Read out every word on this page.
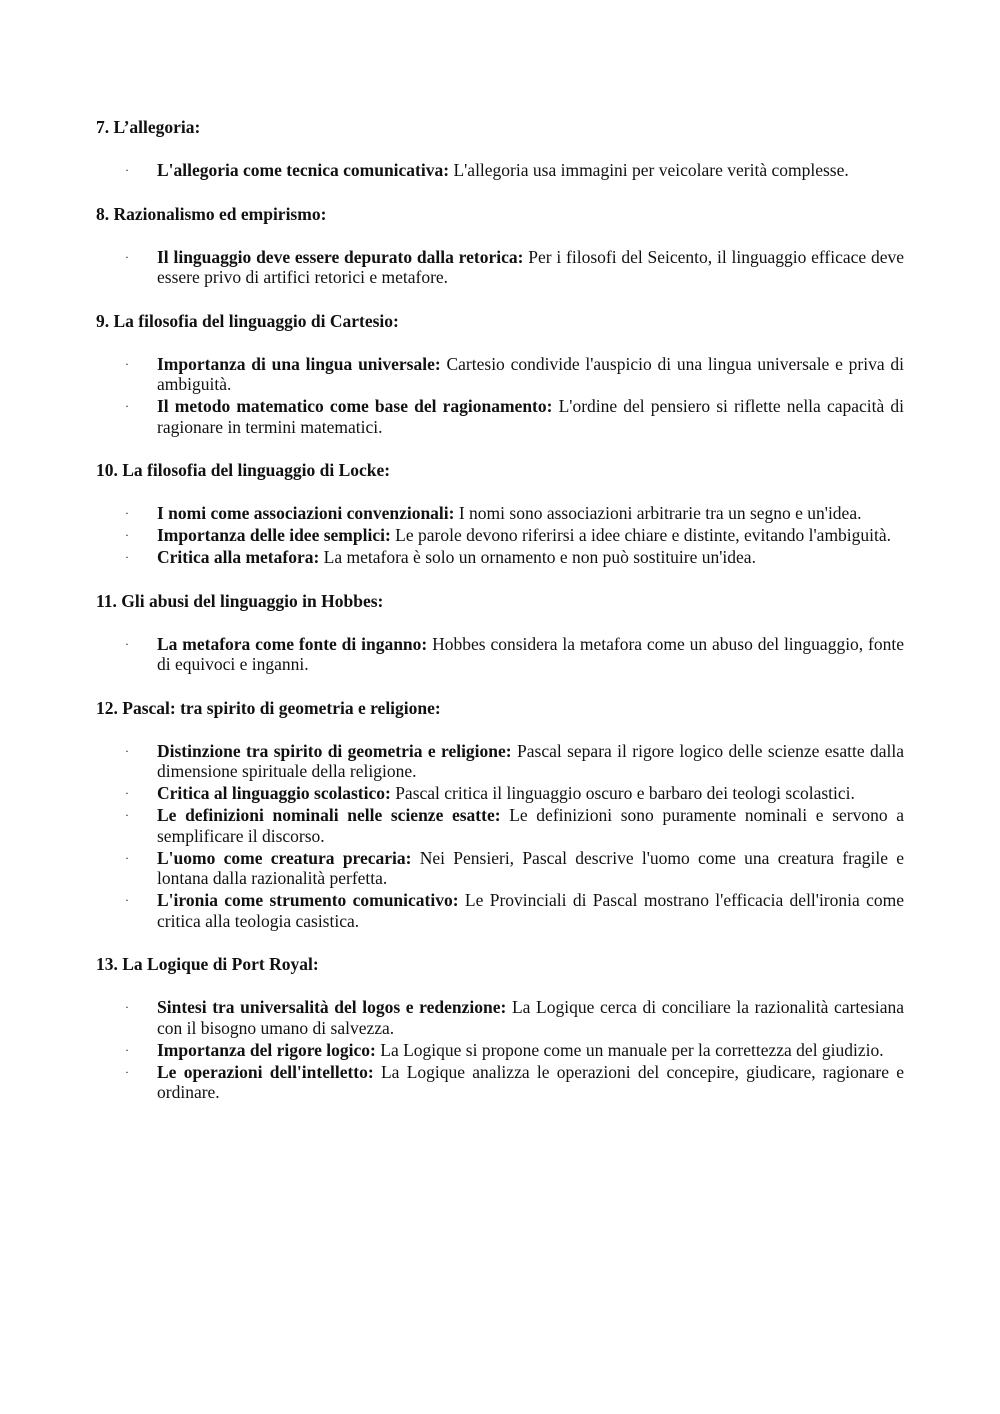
7. L’allegoria:

· L'allegoria come tecnica comunicativa: L'allegoria usa immagini per veicolare verità complesse.

8. Razionalismo ed empirismo:

· Il linguaggio deve essere depurato dalla retorica: Per i filosofi del Seicento, il linguaggio efficace deve essere privo di artifici retorici e metafore.

9. La filosofia del linguaggio di Cartesio:

· Importanza di una lingua universale: Cartesio condivide l'auspicio di una lingua universale e priva di ambiguità.
· Il metodo matematico come base del ragionamento: L'ordine del pensiero si riflette nella capacità di ragionare in termini matematici.

10. La filosofia del linguaggio di Locke:

· I nomi come associazioni convenzionali: I nomi sono associazioni arbitrarie tra un segno e un'idea.
· Importanza delle idee semplici: Le parole devono riferirsi a idee chiare e distinte, evitando l'ambiguità.
· Critica alla metafora: La metafora è solo un ornamento e non può sostituire un'idea.

11. Gli abusi del linguaggio in Hobbes:

· La metafora come fonte di inganno: Hobbes considera la metafora come un abuso del linguaggio, fonte di equivoci e inganni.

12. Pascal: tra spirito di geometria e religione:

· Distinzione tra spirito di geometria e religione: Pascal separa il rigore logico delle scienze esatte dalla dimensione spirituale della religione.
· Critica al linguaggio scolastico: Pascal critica il linguaggio oscuro e barbaro dei teologi scolastici.
· Le definizioni nominali nelle scienze esatte: Le definizioni sono puramente nominali e servono a semplificare il discorso.
· L'uomo come creatura precaria: Nei Pensieri, Pascal descrive l'uomo come una creatura fragile e lontana dalla razionalità perfetta.
· L'ironia come strumento comunicativo: Le Provinciali di Pascal mostrano l'efficacia dell'ironia come critica alla teologia casistica.

13. La Logique di Port Royal:

· Sintesi tra universalità del logos e redenzione: La Logique cerca di conciliare la razionalità cartesiana con il bisogno umano di salvezza.
· Importanza del rigore logico: La Logique si propone come un manuale per la correttezza del giudizio.
· Le operazioni dell'intelletto: La Logique analizza le operazioni del concepire, giudicare, ragionare e ordinare.
